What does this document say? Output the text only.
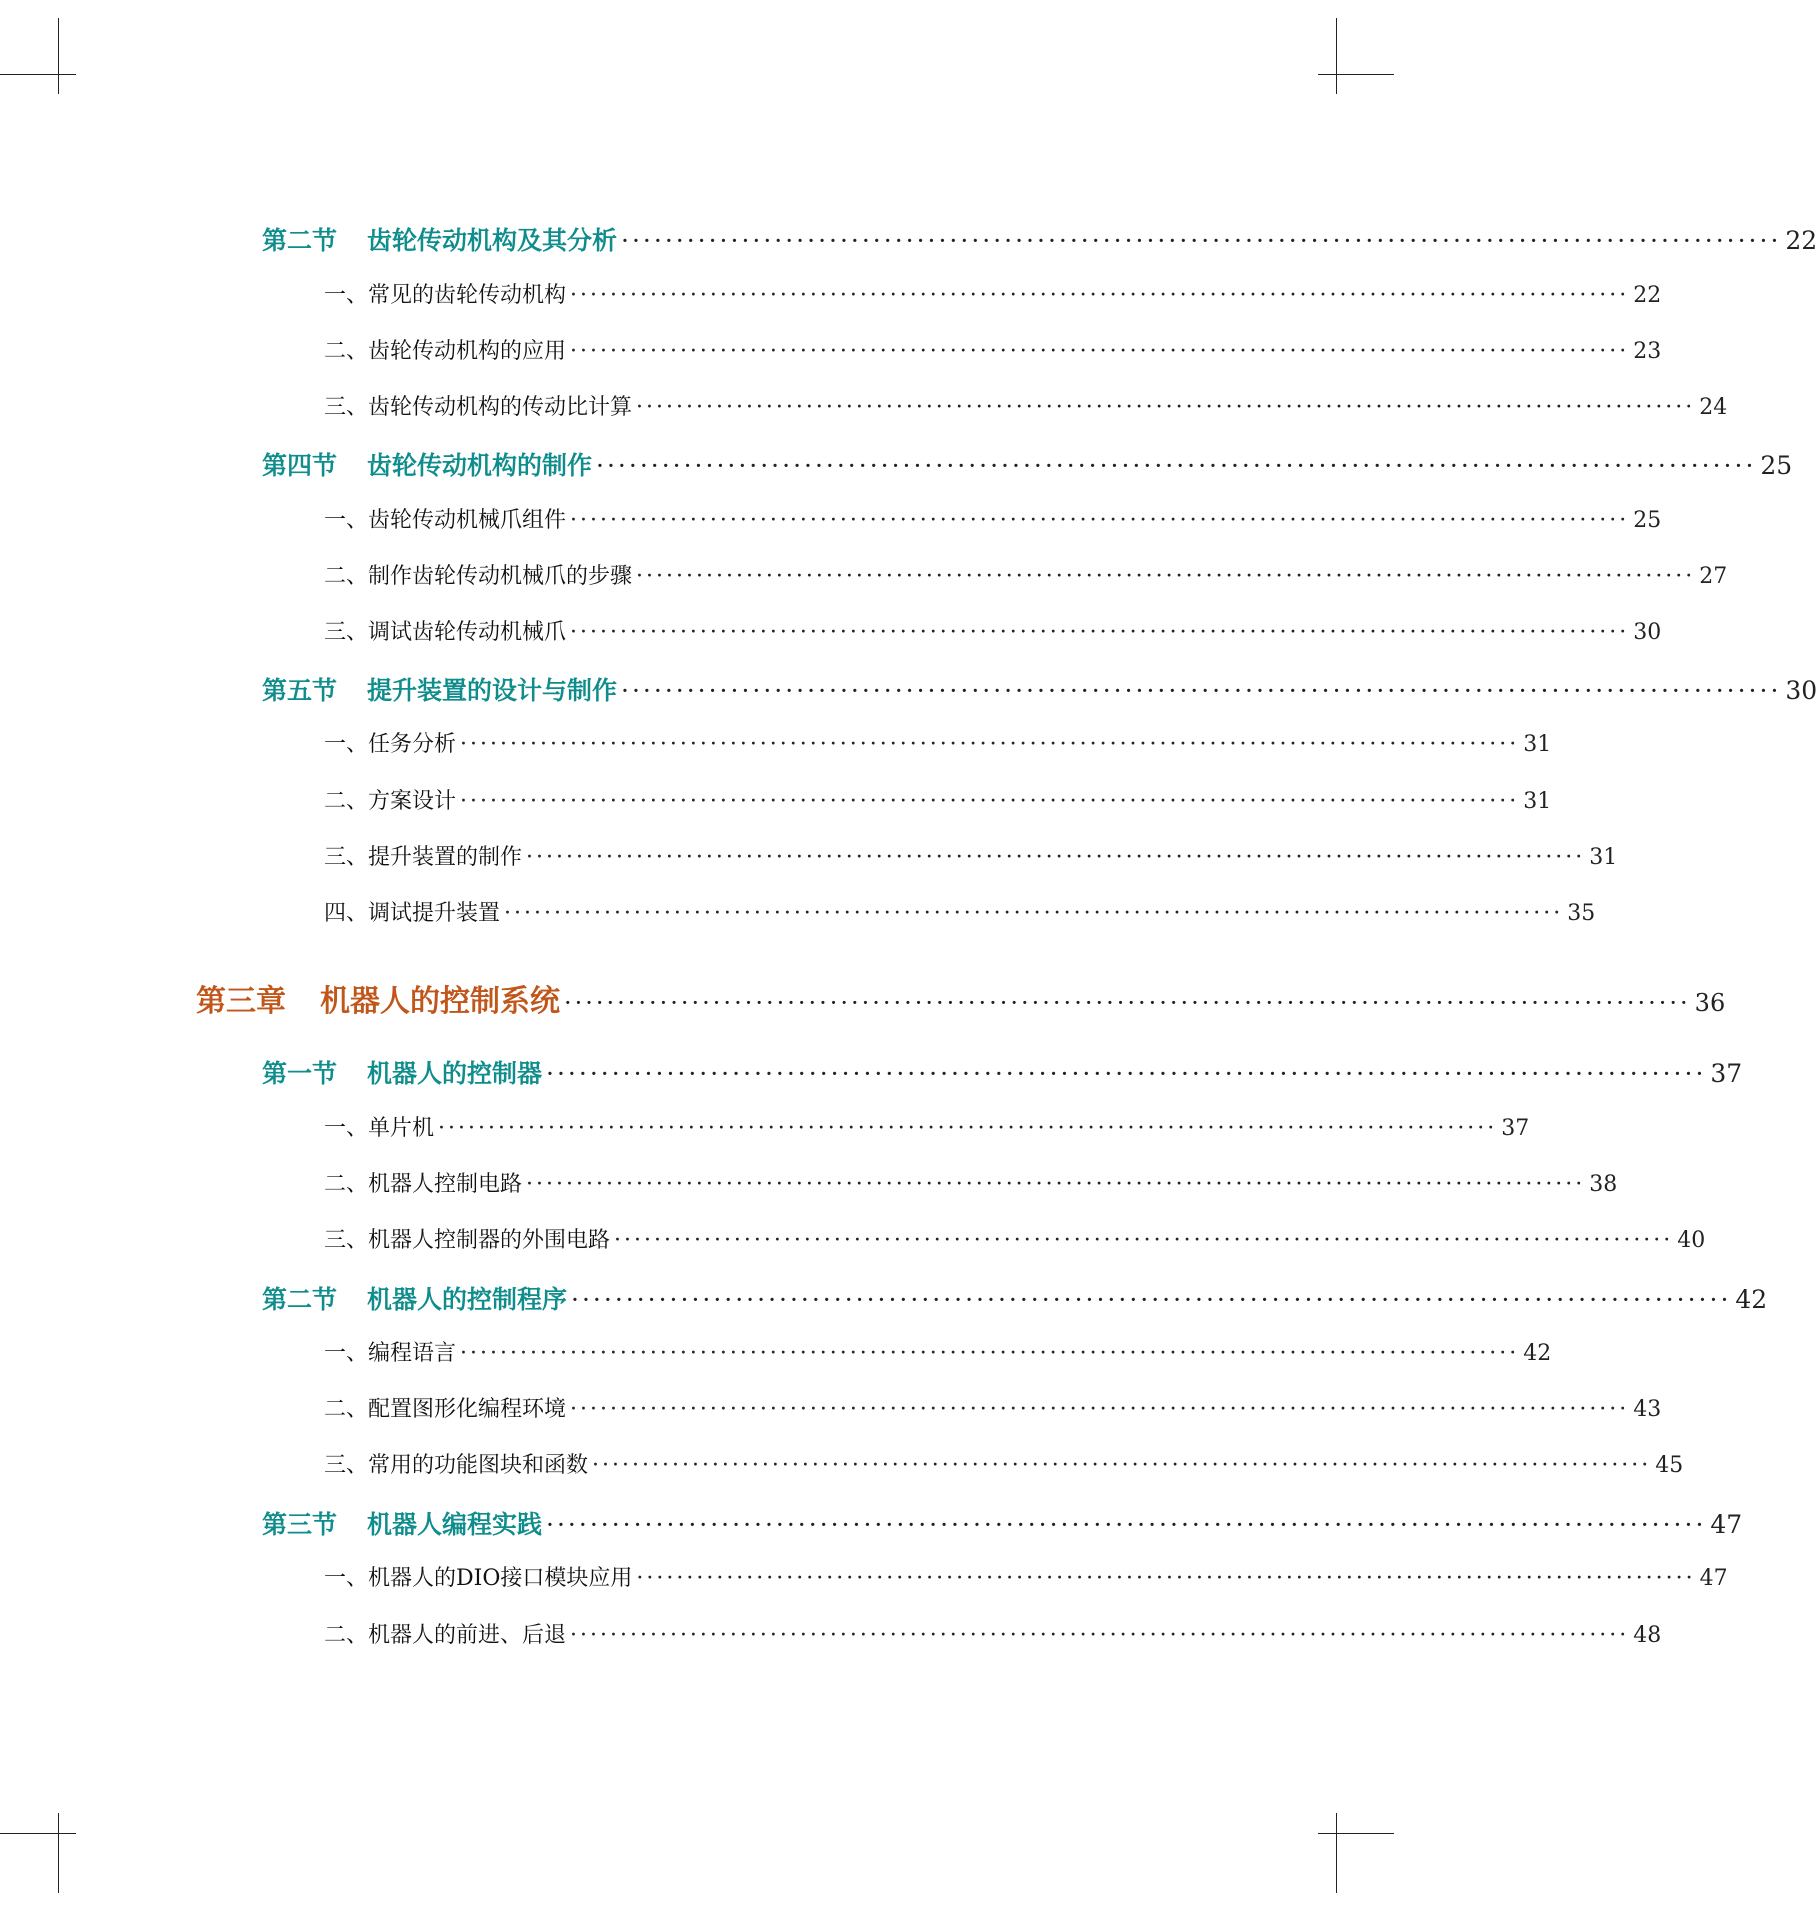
第二节 齿轮传动机构及其分析 ·········································································································· 22
一、常见的齿轮传动机构 ·········································································································· 22
二、齿轮传动机构的应用 ·········································································································· 23
三、齿轮传动机构的传动比计算 ·········································································································· 24
第四节 齿轮传动机构的制作 ·········································································································· 25
一、齿轮传动机械爪组件 ·········································································································· 25
二、制作齿轮传动机械爪的步骤 ·········································································································· 27
三、调试齿轮传动机械爪 ·········································································································· 30
第五节 提升装置的设计与制作 ·········································································································· 30
一、任务分析 ·········································································································· 31
二、方案设计 ·········································································································· 31
三、提升装置的制作 ·········································································································· 31
四、调试提升装置 ·········································································································· 35
第三章 机器人的控制系统 ·········································································································· 36
第一节 机器人的控制器 ·········································································································· 37
一、单片机 ·········································································································· 37
二、机器人控制电路 ·········································································································· 38
三、机器人控制器的外围电路 ·········································································································· 40
第二节 机器人的控制程序 ·········································································································· 42
一、编程语言 ·········································································································· 42
二、配置图形化编程环境 ·········································································································· 43
三、常用的功能图块和函数 ·········································································································· 45
第三节 机器人编程实践 ·········································································································· 47
一、机器人的DIO接口模块应用 ·········································································································· 47
二、机器人的前进、后退 ·········································································································· 48
